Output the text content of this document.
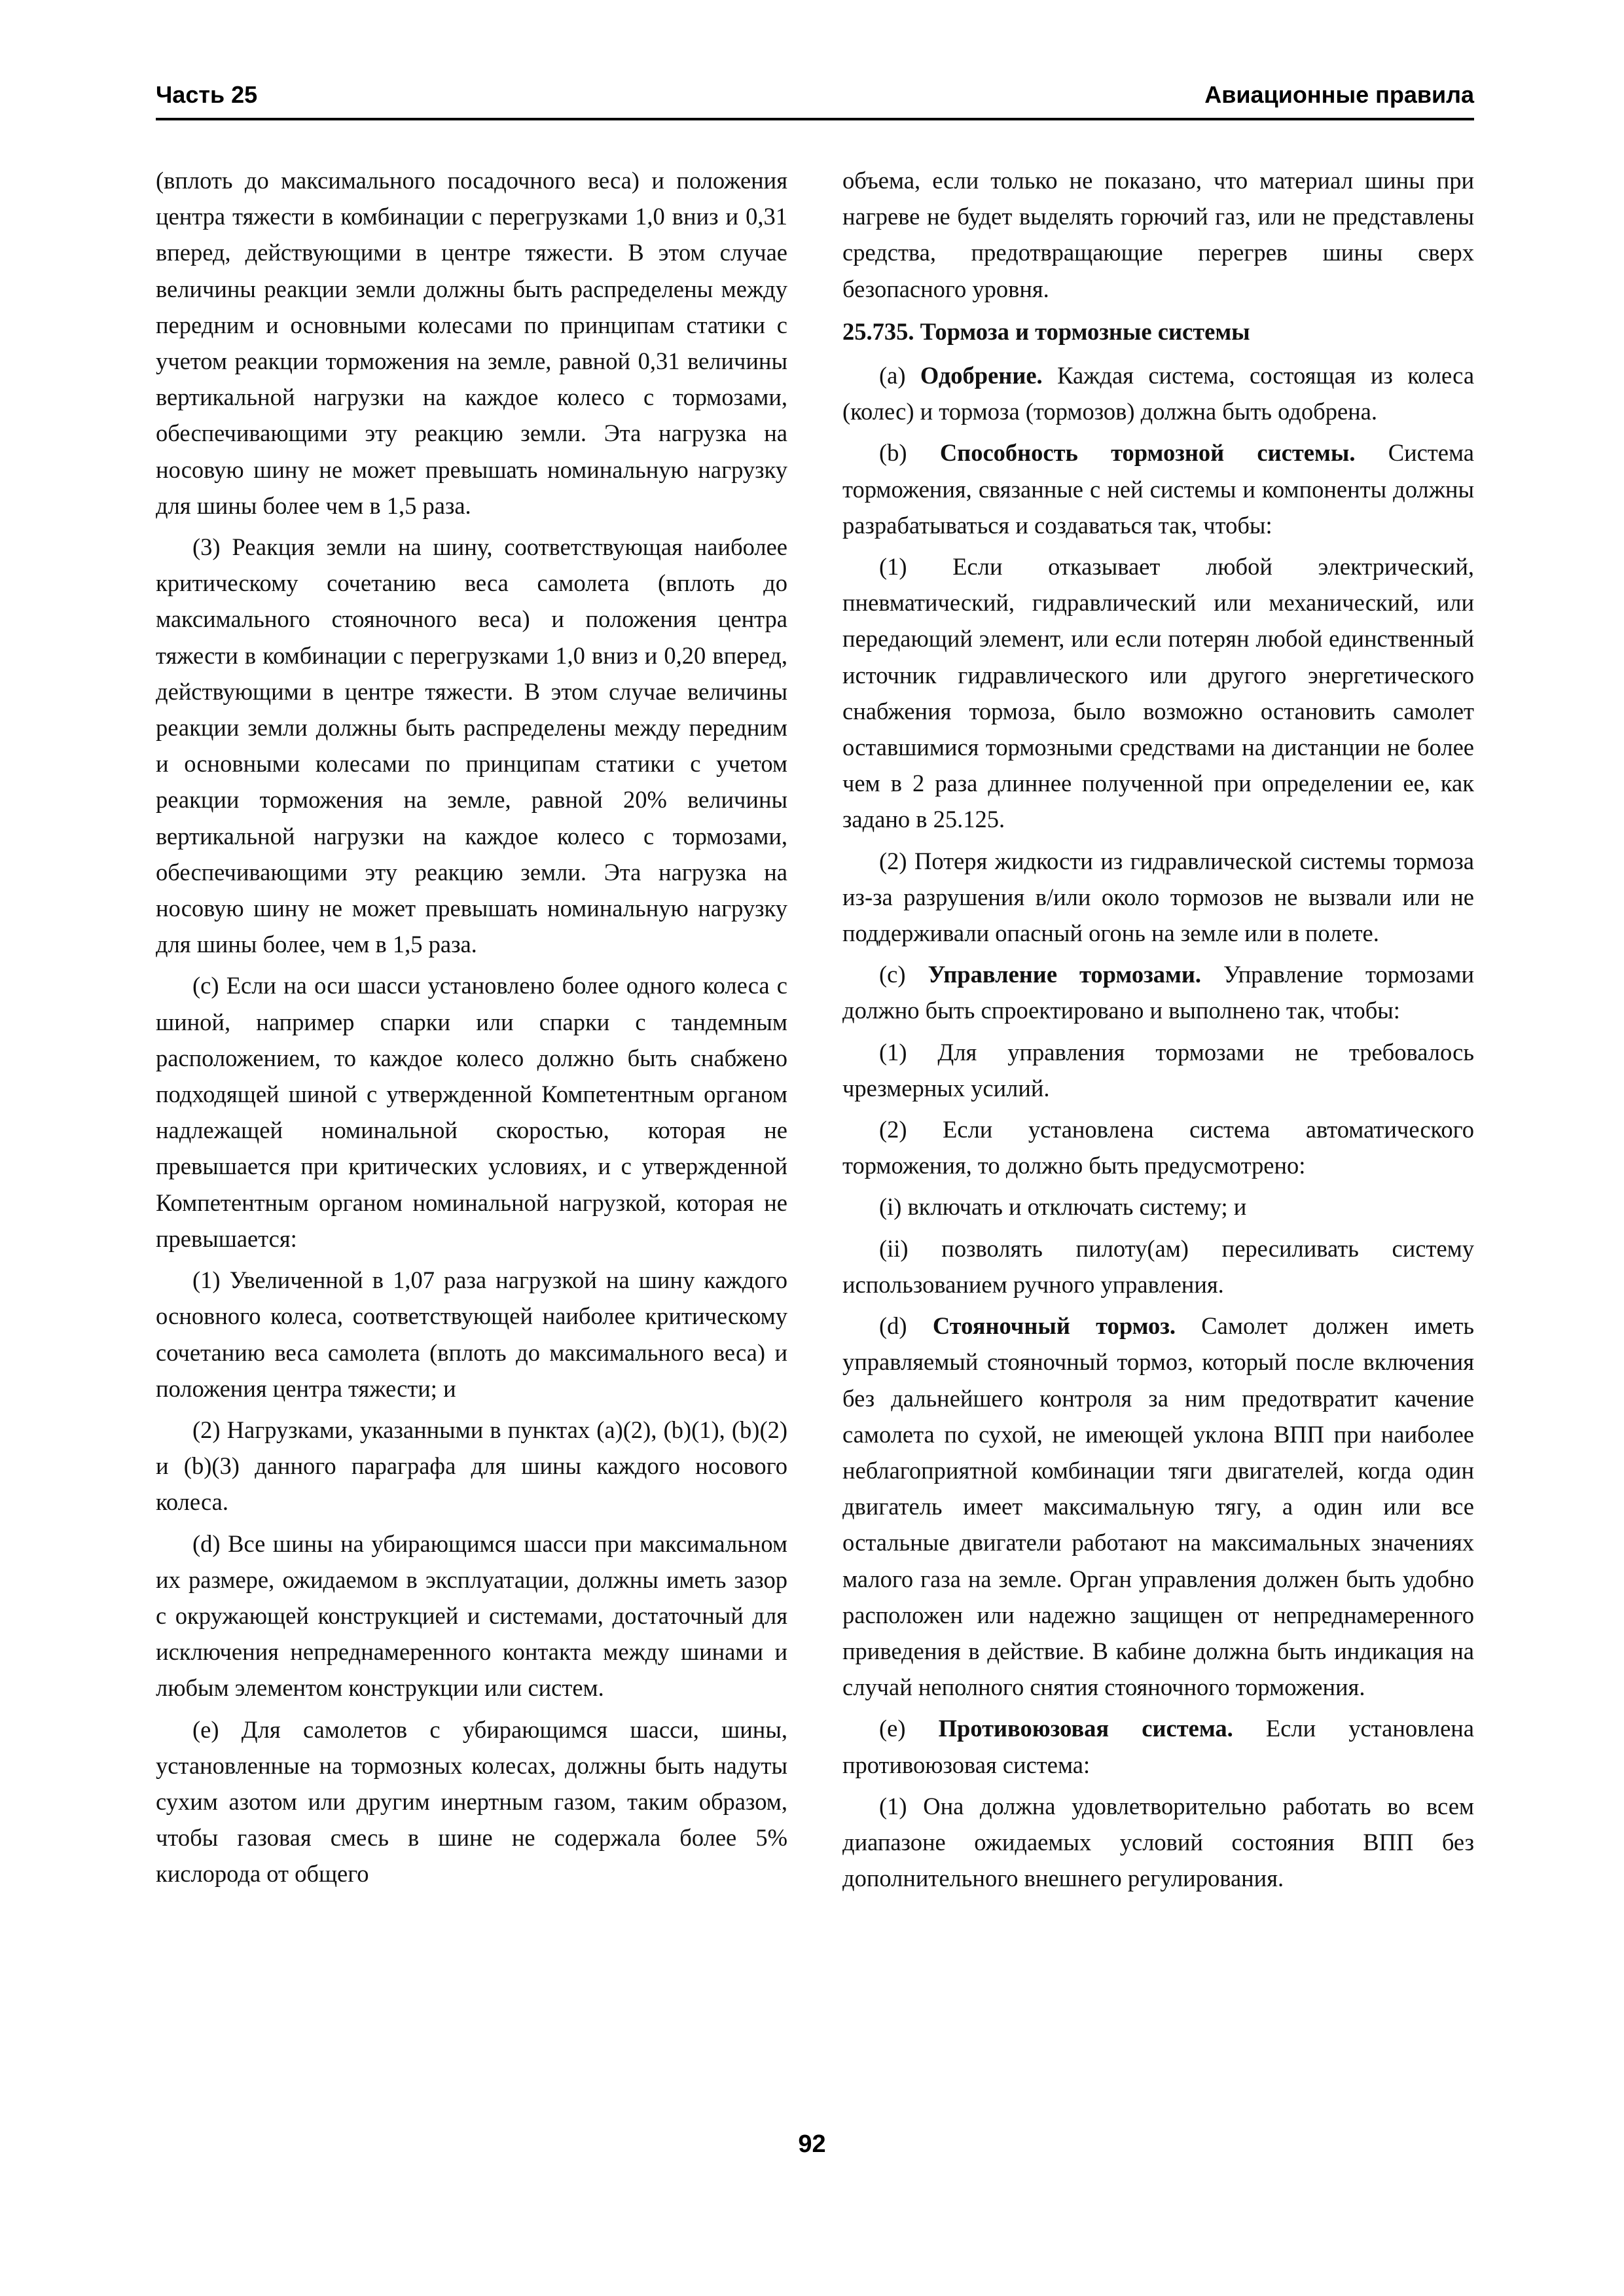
Часть 25	Авиационные правила

(вплоть до максимального посадочного веса) и положения центра тяжести в комбинации с перегрузками 1,0 вниз и 0,31 вперед, действующими в центре тяжести. В этом случае величины реакции земли должны быть распределены между передним и основными колесами по принципам статики с учетом реакции торможения на земле, равной 0,31 величины вертикальной нагрузки на каждое колесо с тормозами, обеспечивающими эту реакцию земли. Эта нагрузка на носовую шину не может превышать номинальную нагрузку для шины более чем в 1,5 раза.

(3) Реакция земли на шину, соответствующая наиболее критическому сочетанию веса самолета (вплоть до максимального стояночного веса) и положения центра тяжести в комбинации с перегрузками 1,0 вниз и 0,20 вперед, действующими в центре тяжести. В этом случае величины реакции земли должны быть распределены между передним и основными колесами по принципам статики с учетом реакции торможения на земле, равной 20% величины вертикальной нагрузки на каждое колесо с тормозами, обеспечивающими эту реакцию земли. Эта нагрузка на носовую шину не может превышать номинальную нагрузку для шины более, чем в 1,5 раза.

(c) Если на оси шасси установлено более одного колеса с шиной, например спарки или спарки с тандемным расположением, то каждое колесо должно быть снабжено подходящей шиной с утвержденной Компетентным органом надлежащей номинальной скоростью, которая не превышается при критических условиях, и с утвержденной Компетентным органом номинальной нагрузкой, которая не превышается:

(1) Увеличенной в 1,07 раза нагрузкой на шину каждого основного колеса, соответствующей наиболее критическому сочетанию веса самолета (вплоть до максимального веса) и положения центра тяжести; и

(2) Нагрузками, указанными в пунктах (a)(2), (b)(1), (b)(2) и (b)(3) данного параграфа для шины каждого носового колеса.

(d) Все шины на убирающимся шасси при максимальном их размере, ожидаемом в эксплуатации, должны иметь зазор с окружающей конструкцией и системами, достаточный для исключения непреднамеренного контакта между шинами и любым элементом конструкции или систем.

(e) Для самолетов с убирающимся шасси, шины, установленные на тормозных колесах, должны быть надуты сухим азотом или другим инертным газом, таким образом, чтобы газовая смесь в шине не содержала более 5% кислорода от общего

объема, если только не показано, что материал шины при нагреве не будет выделять горючий газ, или не представлены средства, предотвращающие перегрев шины сверх безопасного уровня.

25.735. Тормоза и тормозные системы

(a) Одобрение. Каждая система, состоящая из колеса (колес) и тормоза (тормозов) должна быть одобрена.

(b) Способность тормозной системы. Система торможения, связанные с ней системы и компоненты должны разрабатываться и создаваться так, чтобы:

(1) Если отказывает любой электрический, пневматический, гидравлический или механический, или передающий элемент, или если потерян любой единственный источник гидравлического или другого энергетического снабжения тормоза, было возможно остановить самолет оставшимися тормозными средствами на дистанции не более чем в 2 раза длиннее полученной при определении ее, как задано в 25.125.

(2) Потеря жидкости из гидравлической системы тормоза из-за разрушения в/или около тормозов не вызвали или не поддерживали опасный огонь на земле или в полете.

(c) Управление тормозами. Управление тормозами должно быть спроектировано и выполнено так, чтобы:

(1) Для управления тормозами не требовалось чрезмерных усилий.

(2) Если установлена система автоматического торможения, то должно быть предусмотрено:

(i) включать и отключать систему; и

(ii) позволять пилоту(ам) пересиливать систему использованием ручного управления.

(d) Стояночный тормоз. Самолет должен иметь управляемый стояночный тормоз, который после включения без дальнейшего контроля за ним предотвратит качение самолета по сухой, не имеющей уклона ВПП при наиболее неблагоприятной комбинации тяги двигателей, когда один двигатель имеет максимальную тягу, а один или все остальные двигатели работают на максимальных значениях малого газа на земле. Орган управления должен быть удобно расположен или надежно защищен от непреднамеренного приведения в действие. В кабине должна быть индикация на случай неполного снятия стояночного торможения.

(e) Противоюзовая система. Если установлена противоюзовая система:

(1) Она должна удовлетворительно работать во всем диапазоне ожидаемых условий состояния ВПП без дополнительного внешнего регулирования.

92
